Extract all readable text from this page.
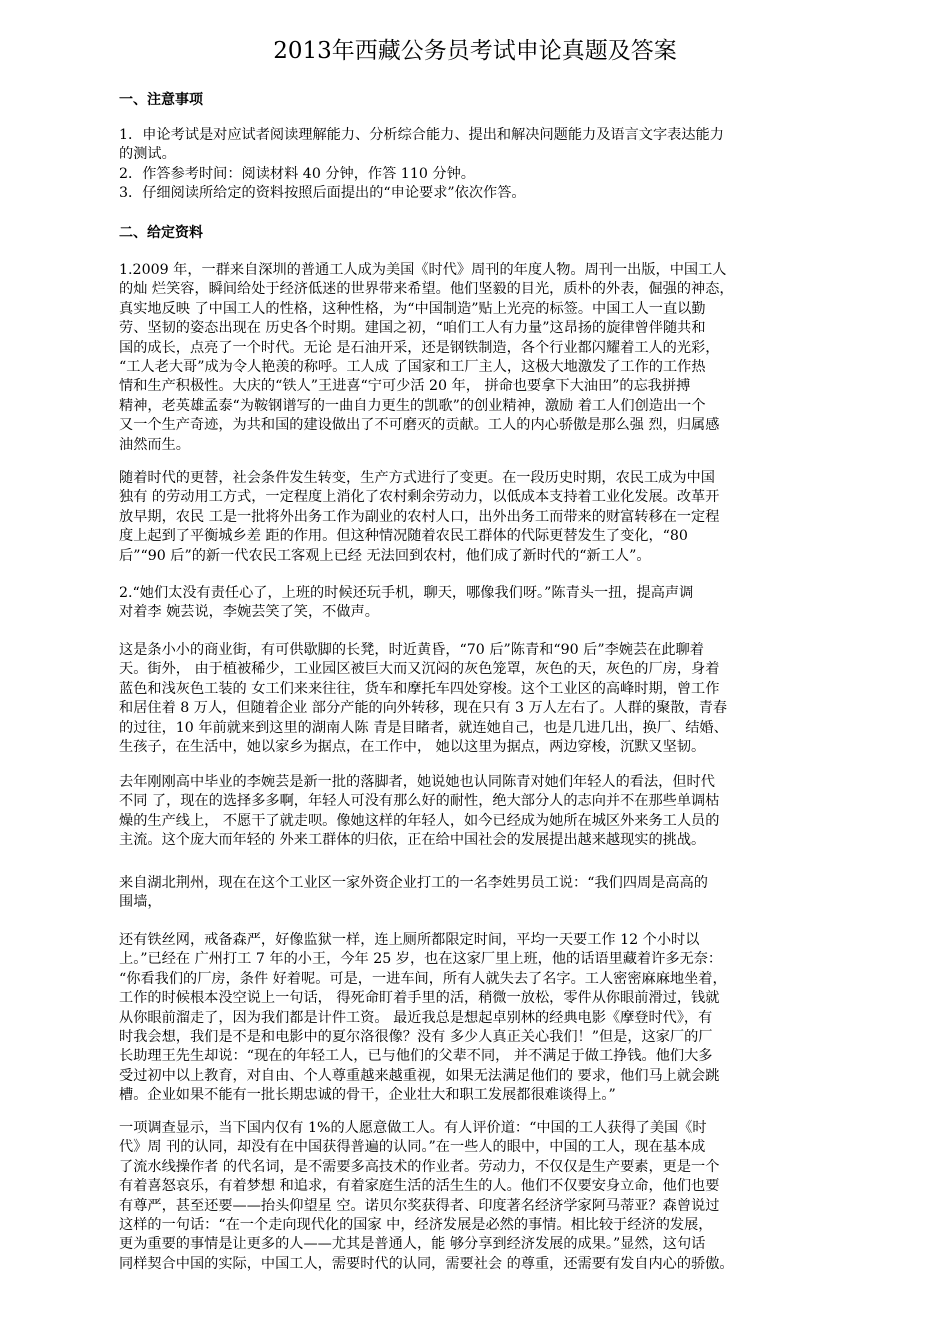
2013年西藏公务员考试申论真题及答案
一、注意事项
1．申论考试是对应试者阅读理解能力、分析综合能力、提出和解决问题能力及语言文字表达能力
的测试。
2．作答参考时间：阅读材料 40 分钟，作答 110 分钟。
3．仔细阅读所给定的资料按照后面提出的“申论要求”依次作答。
二、给定资料
1.2009 年，一群来自深圳的普通工人成为美国《时代》周刊的年度人物。周刊一出版，中国工人
的灿 烂笑容，瞬间给处于经济低迷的世界带来希望。他们坚毅的目光，质朴的外表，倔强的神态，
真实地反映 了中国工人的性格，这种性格，为“中国制造”贴上光亮的标签。中国工人一直以勤
劳、坚韧的姿态出现在 历史各个时期。建国之初，“咱们工人有力量”这昂扬的旋律曾伴随共和
国的成长，点亮了一个时代。无论 是石油开采，还是钢铁制造，各个行业都闪耀着工人的光彩，
“工人老大哥”成为令人艳羡的称呼。工人成 了国家和工厂主人，这极大地激发了工作的工作热
情和生产积极性。大庆的“铁人”王进喜“宁可少活 20 年， 拼命也要拿下大油田”的忘我拼搏
精神，老英雄孟泰“为鞍钢谱写的一曲自力更生的凯歌”的创业精神，激励 着工人们创造出一个
又一个生产奇迹，为共和国的建设做出了不可磨灭的贡献。工人的内心骄傲是那么强 烈，归属感
油然而生。
随着时代的更替，社会条件发生转变，生产方式进行了变更。在一段历史时期，农民工成为中国
独有 的劳动用工方式，一定程度上消化了农村剩余劳动力，以低成本支持着工业化发展。改革开
放早期，农民 工是一批将外出务工作为副业的农村人口，出外出务工而带来的财富转移在一定程
度上起到了平衡城乡差 距的作用。但这种情况随着农民工群体的代际更替发生了变化，“80
后”“90 后”的新一代农民工客观上已经 无法回到农村，他们成了新时代的“新工人”。
2.“她们太没有责任心了，上班的时候还玩手机，聊天，哪像我们呀。”陈青头一扭，提高声调
对着李 婉芸说，李婉芸笑了笑，不做声。
这是条小小的商业街，有可供歇脚的长凳，时近黄昏，“70 后”陈青和“90 后”李婉芸在此聊着
天。街外， 由于植被稀少，工业园区被巨大而又沉闷的灰色笼罩，灰色的天，灰色的厂房，身着
蓝色和浅灰色工装的 女工们来来往往，货车和摩托车四处穿梭。这个工业区的高峰时期，曾工作
和居住着 8 万人，但随着企业 部分产能的向外转移，现在只有 3 万人左右了。人群的聚散，青春
的过往，10 年前就来到这里的湖南人陈 青是目睹者，就连她自己，也是几进几出，换厂、结婚、
生孩子，在生活中，她以家乡为据点，在工作中， 她以这里为据点，两边穿梭，沉默又坚韧。
去年刚刚高中毕业的李婉芸是新一批的落脚者，她说她也认同陈青对她们年轻人的看法，但时代
不同 了，现在的选择多多啊，年轻人可没有那么好的耐性，绝大部分人的志向并不在那些单调枯
燥的生产线上， 不愿干了就走呗。像她这样的年轻人，如今已经成为她所在城区外来务工人员的
主流。这个庞大而年轻的 外来工群体的归依，正在给中国社会的发展提出越来越现实的挑战。
来自湖北荆州，现在在这个工业区一家外资企业打工的一名李姓男员工说：“我们四周是高高的
围墙，
还有铁丝网，戒备森严，好像监狱一样，连上厕所都限定时间，平均一天要工作 12 个小时以
上。”已经在 广州打工 7 年的小王，今年 25 岁，也在这家厂里上班，他的话语里藏着许多无奈：
“你看我们的厂房，条件 好着呢。可是，一进车间，所有人就失去了名字。工人密密麻麻地坐着，
工作的时候根本没空说上一句话， 得死命盯着手里的活，稍微一放松，零件从你眼前滑过，钱就
从你眼前溜走了，因为我们都是计件工资。 最近我总是想起卓别林的经典电影《摩登时代》，有
时我会想，我们是不是和电影中的夏尔洛很像？没有 多少人真正关心我们！”但是，这家厂的厂
长助理王先生却说：“现在的年轻工人，已与他们的父辈不同， 并不满足于做工挣钱。他们大多
受过初中以上教育，对自由、个人尊重越来越重视，如果无法满足他们的 要求，他们马上就会跳
槽。企业如果不能有一批长期忠诚的骨干，企业壮大和职工发展都很难谈得上。”
一项调查显示，当下国内仅有 1%的人愿意做工人。有人评价道：“中国的工人获得了美国《时
代》周 刊的认同，却没有在中国获得普遍的认同。”在一些人的眼中，中国的工人，现在基本成
了流水线操作者 的代名词，是不需要多高技术的作业者。劳动力，不仅仅是生产要素，更是一个
有着喜怒哀乐，有着梦想 和追求，有着家庭生活的活生生的人。他们不仅要安身立命，他们也要
有尊严，甚至还要——抬头仰望星 空。诺贝尔奖获得者、印度著名经济学家阿马蒂亚？森曾说过
这样的一句话：“在一个走向现代化的国家 中，经济发展是必然的事情。相比较于经济的发展，
更为重要的事情是让更多的人——尤其是普通人，能 够分享到经济发展的成果。”显然，这句话
同样契合中国的实际，中国工人，需要时代的认同，需要社会 的尊重，还需要有发自内心的骄傲。
